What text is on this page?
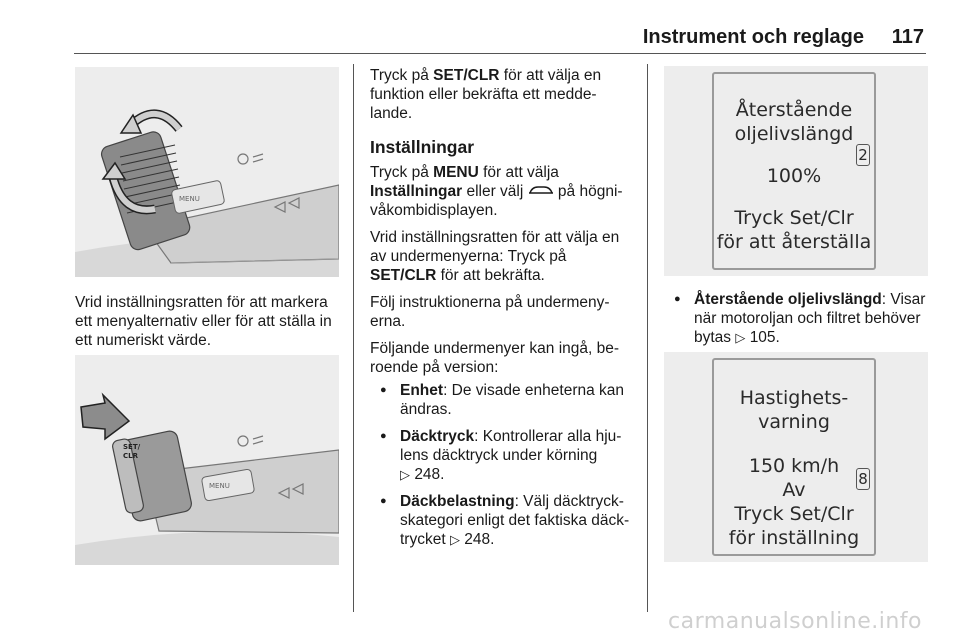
Instrument och reglage 117
MENU
Vrid inställningsratten för att markera ett menyalternativ eller för att ställa in ett numeriskt värde.
SET/
CLR
MENU
Tryck på SET/CLR för att välja en funktion eller bekräfta ett medde-lande.
Inställningar

Tryck på MENU för att välja Inställningar eller välj  på högni-våkombidisplayen.

Vrid inställningsratten för att välja en av undermenyerna: Tryck på SET/CLR för att bekräfta.

Följ instruktionerna på undermeny-erna.

Följande undermenyer kan ingå, be-roende på version:

● Enhet: De visade enheterna kan ändras.
● Däcktryck: Kontrollerar alla hju-lens däcktryck under körning
▷ 248.
● Däckbelastning: Välj däcktryck-skategori enligt det faktiska däck-trycket ▷ 248.
Återstående
oljelivslängd
100%
Tryck Set/Clr
för att återställa
2
● Återstående oljelivslängd: Visar när motoroljan och filtret behöver bytas ▷ 105.
Hastighets-
varning
150 km/h
Av
Tryck Set/Clr
för inställning
8
carmanualsonline.info
